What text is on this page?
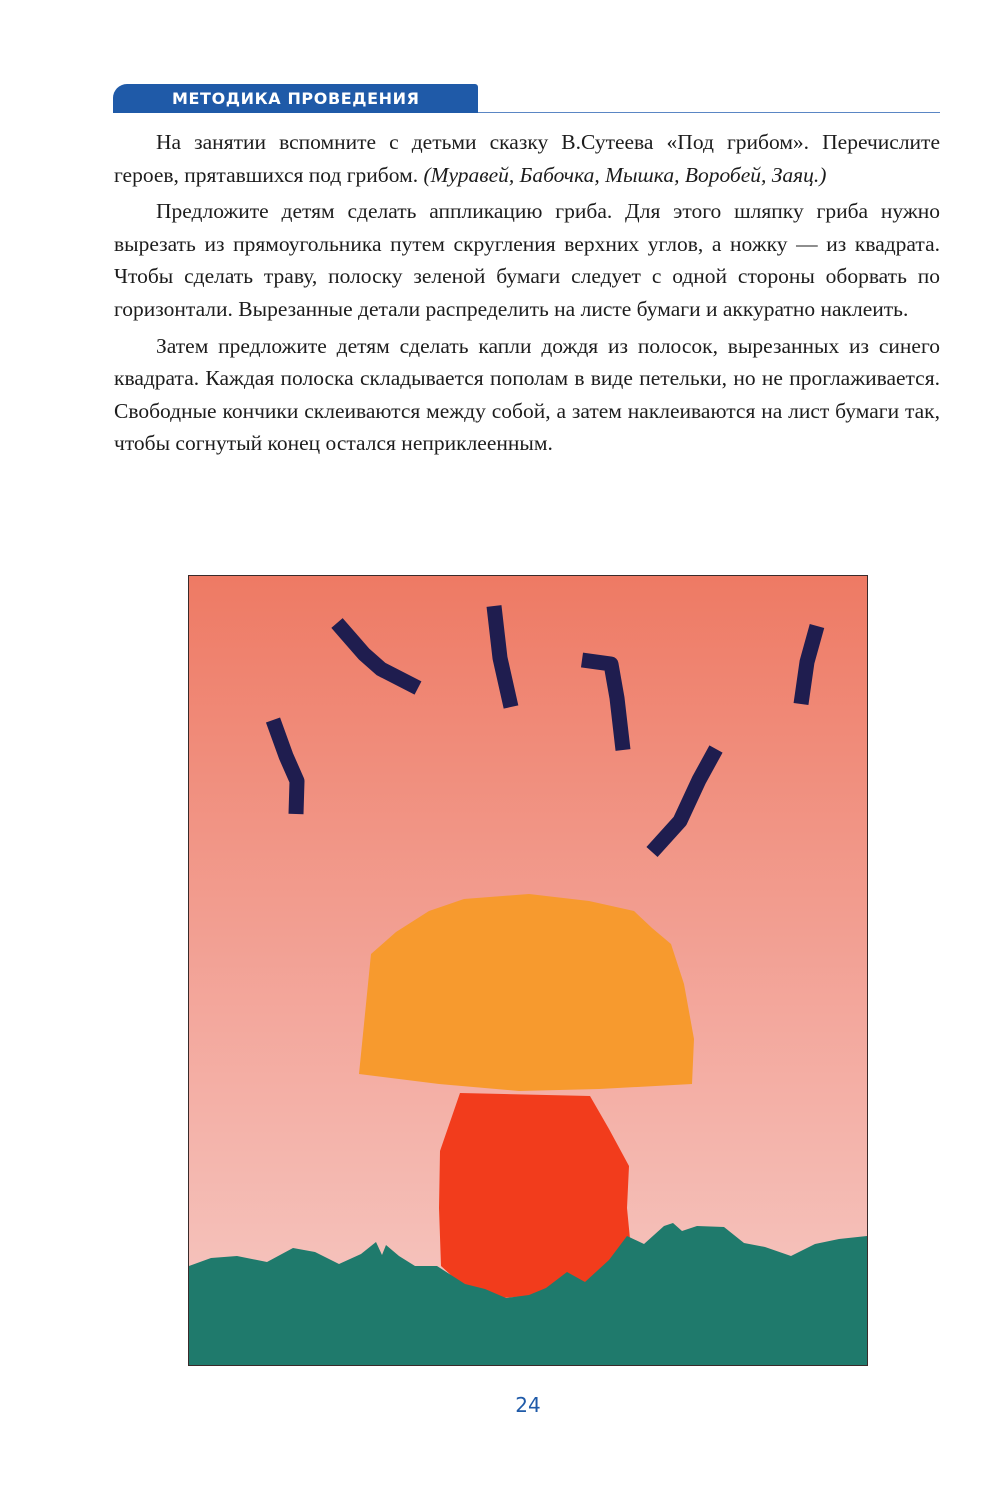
МЕТОДИКА ПРОВЕДЕНИЯ

На занятии вспомните с детьми сказку В.Сутеева «Под грибом». Перечислите героев, прятавшихся под грибом. (Муравей, Бабочка, Мышка, Воробей, Заяц.)

Предложите детям сделать аппликацию гриба. Для этого шляпку гриба нужно вырезать из прямоугольника путем скругления верхних углов, а ножку — из квадрата. Чтобы сделать траву, полоску зеленой бумаги следует с одной стороны оборвать по горизонтали. Вырезанные детали распределить на листе бумаги и аккуратно наклеить.

Затем предложите детям сделать капли дождя из полосок, вырезанных из синего квадрата. Каждая полоска складывается пополам в виде петельки, но не проглаживается. Свободные кончики склеиваются между собой, а затем наклеиваются на лист бумаги так, чтобы согнутый конец остался неприклеенным.

24
